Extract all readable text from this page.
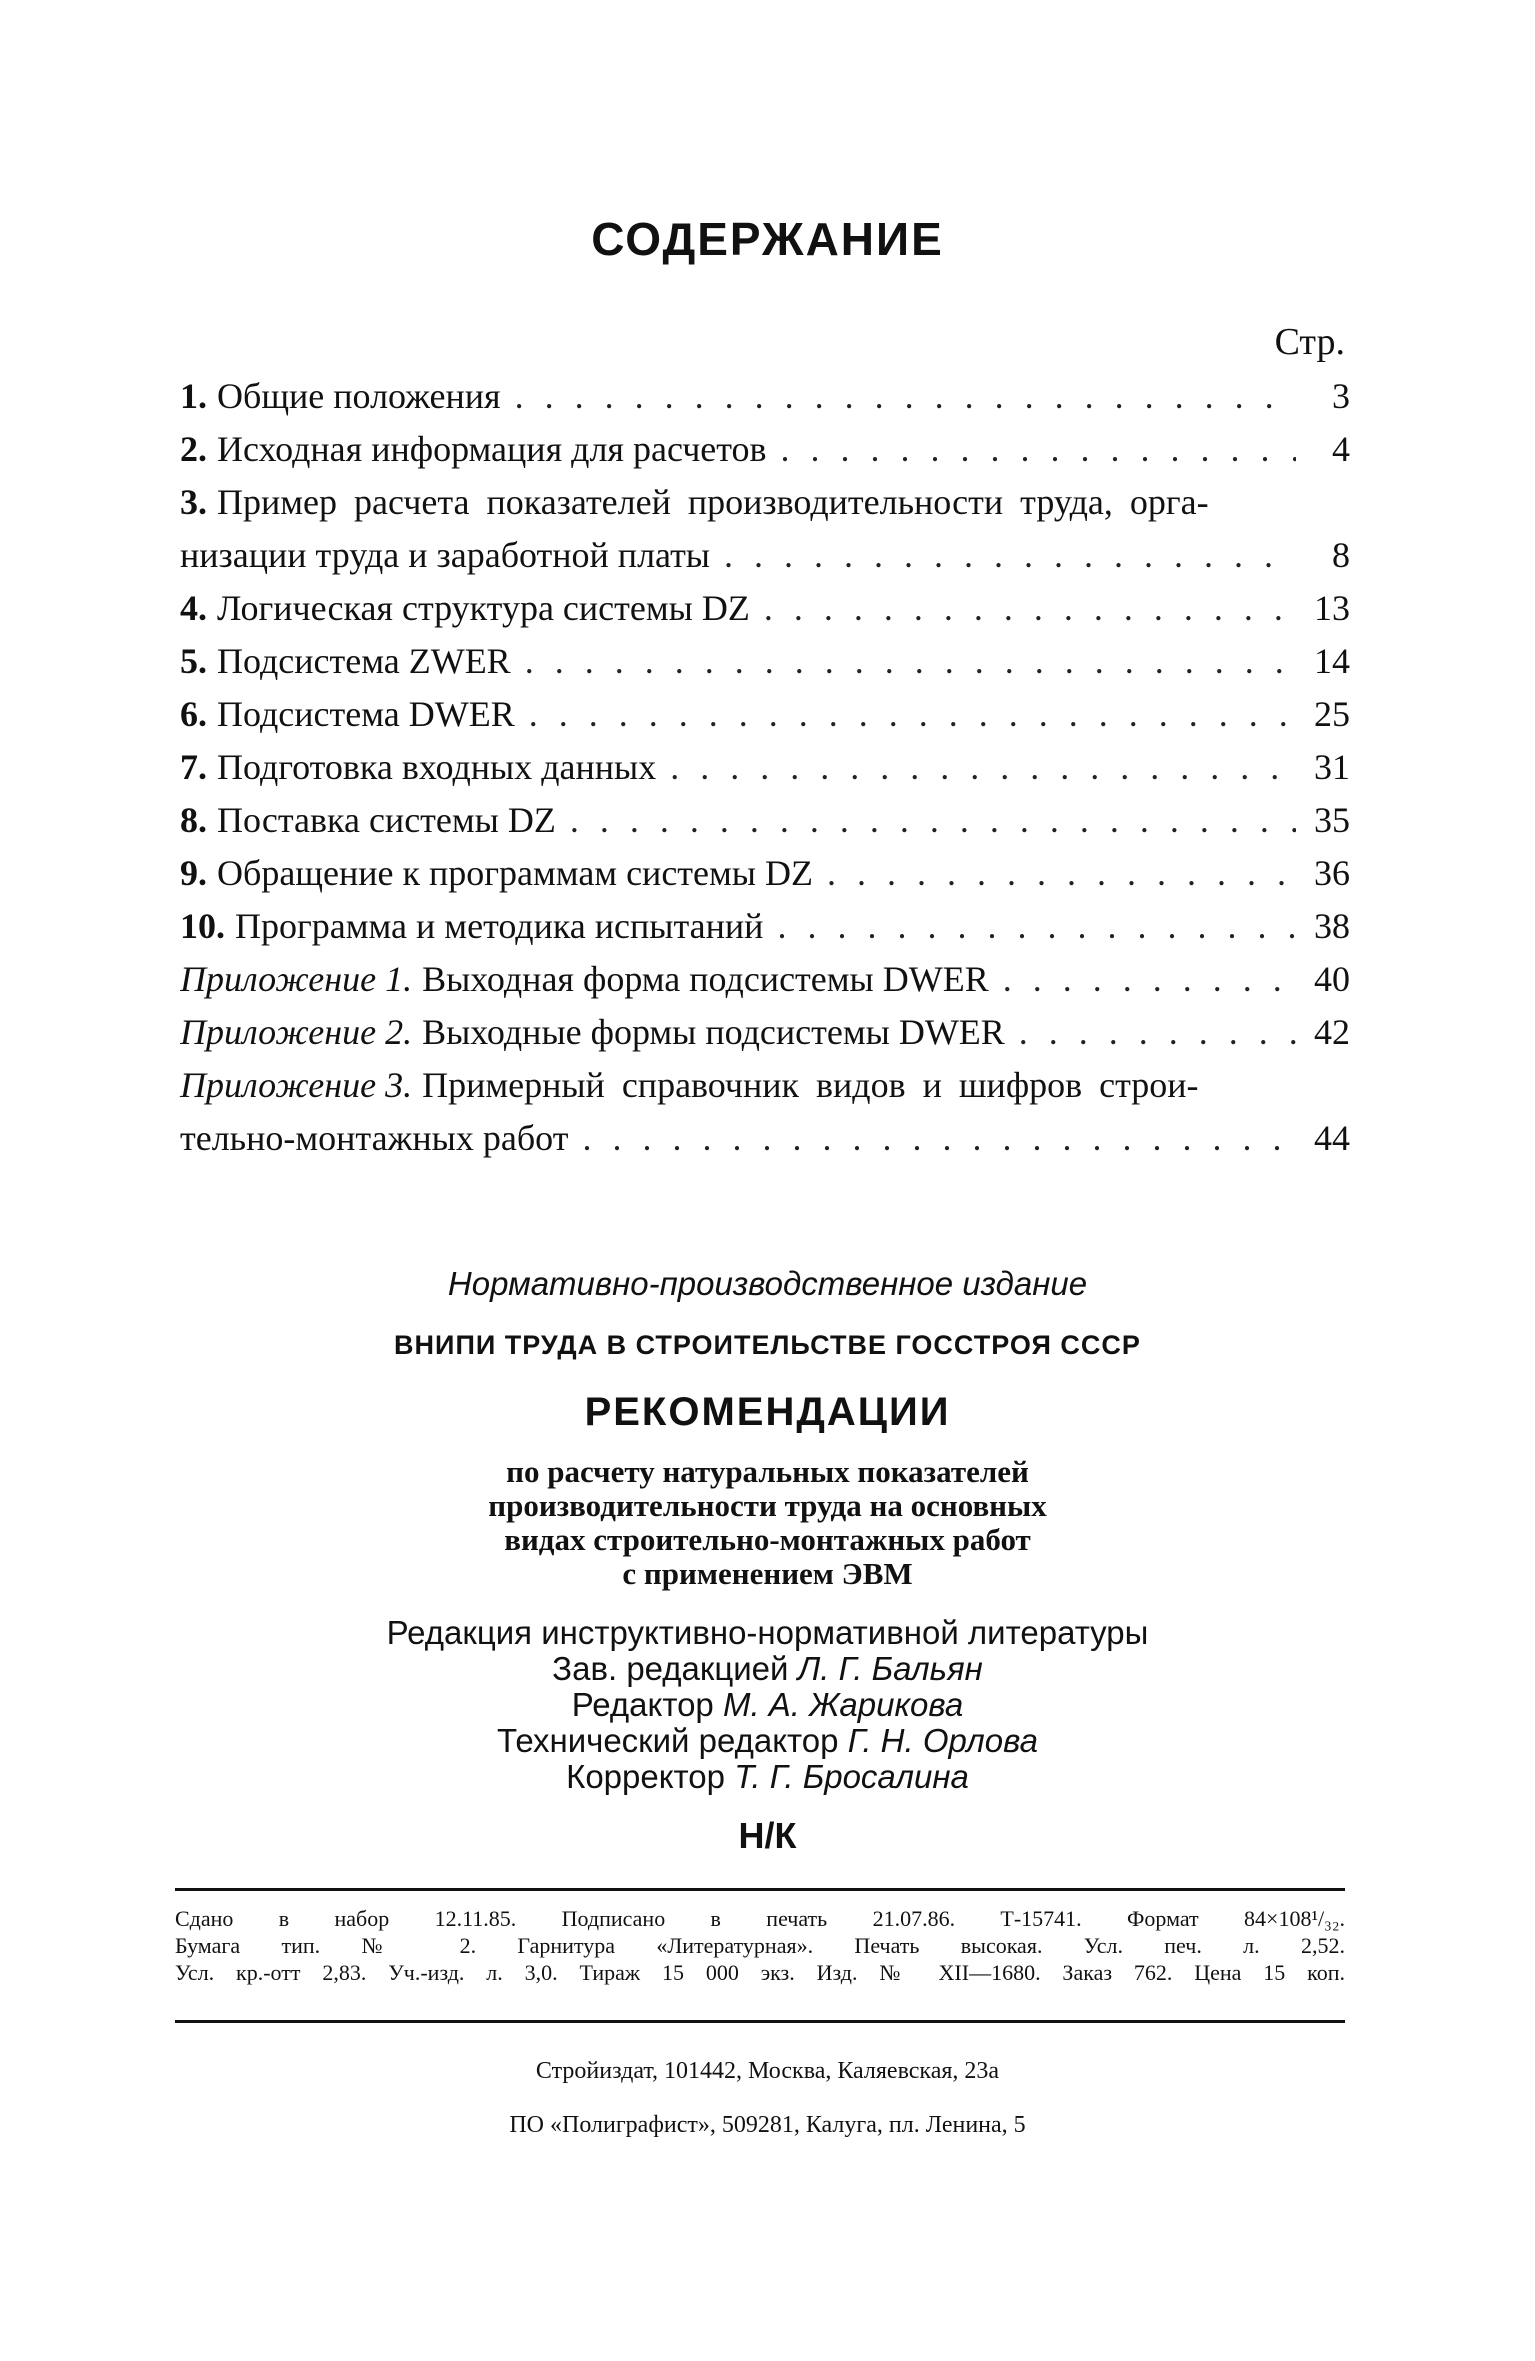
СОДЕРЖАНИЕ
Стр.
1. Общие положения . . .	3
2. Исходная информация для расчетов . . .	4
3. Пример расчета показателей производительности труда, орга-
низации труда и заработной платы . . .	8
4. Логическая структура системы DZ . . .	13
5. Подсистема ZWER . . .	14
6. Подсистема DWER . . .	25
7. Подготовка входных данных . . .	31
8. Поставка системы DZ . . .	35
9. Обращение к программам системы DZ . . .	36
10. Программа и методика испытаний . . .	38
Приложение 1. Выходная форма подсистемы DWER . . .	40
Приложение 2. Выходные формы подсистемы DWER . . .	42
Приложение 3. Примерный справочник видов и шифров строи-
тельно-монтажных работ . . .	44
Нормативно-производственное издание
ВНИПИ ТРУДА В СТРОИТЕЛЬСТВЕ ГОССТРОЯ СССР
РЕКОМЕНДАЦИИ
по расчету натуральных показателей
производительности труда на основных
видах строительно-монтажных работ
с применением ЭВМ
Редакция инструктивно-нормативной литературы
Зав. редакцией Л. Г. Бальян
Редактор М. А. Жарикова
Технический редактор Г. Н. Орлова
Корректор Т. Г. Бросалина
Н/К
Сдано в набор 12.11.85. Подписано в печать 21.07.86. Т-15741. Формат 84×108¹/₃₂.
Бумага тип. № 2. Гарнитура «Литературная». Печать высокая. Усл. печ. л. 2,52.
Усл. кр.-отт 2,83. Уч.-изд. л. 3,0. Тираж 15 000 экз. Изд. № XII—1680. Заказ 762. Цена 15 коп.
Стройиздат, 101442, Москва, Каляевская, 23а
ПО «Полиграфист», 509281, Калуга, пл. Ленина, 5
